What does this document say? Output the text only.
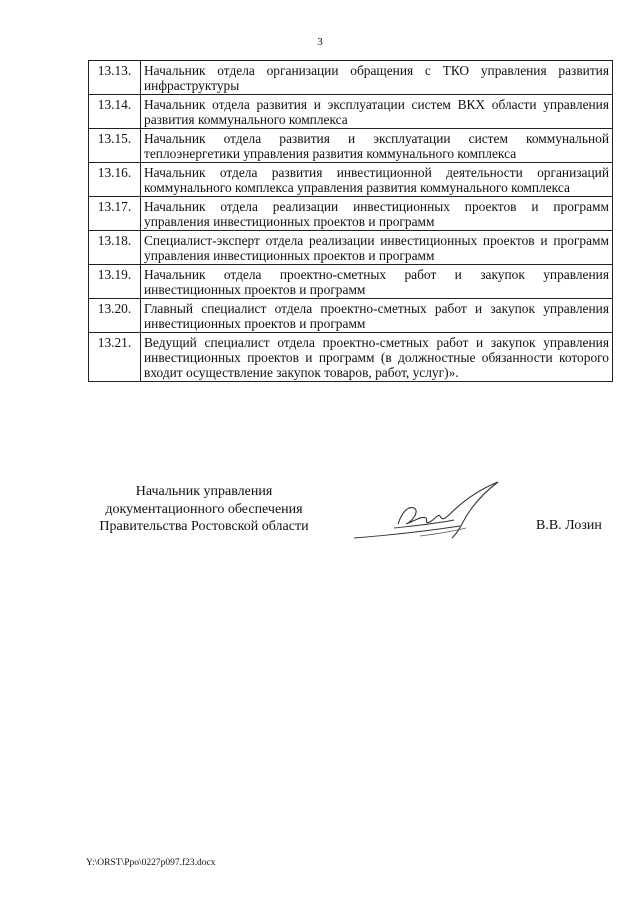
3
13.13.	Начальник отдела организации обращения с ТКО управления развития инфраструктуры
13.14.	Начальник отдела развития и эксплуатации систем ВКХ области управления развития коммунального комплекса
13.15.	Начальник отдела развития и эксплуатации систем коммунальной теплоэнергетики управления развития коммунального комплекса
13.16.	Начальник отдела развития инвестиционной деятельности организаций коммунального комплекса управления развития коммунального комплекса
13.17.	Начальник отдела реализации инвестиционных проектов и программ управления инвестиционных проектов и программ
13.18.	Специалист-эксперт отдела реализации инвестиционных проектов и программ управления инвестиционных проектов и программ
13.19.	Начальник отдела проектно-сметных работ и закупок управления инвестиционных проектов и программ
13.20.	Главный специалист отдела проектно-сметных работ и закупок управления инвестиционных проектов и программ
13.21.	Ведущий специалист отдела проектно-сметных работ и закупок управления инвестиционных проектов и программ (в должностные обязанности которого входит осуществление закупок товаров, работ, услуг)».
Начальник управления
документационного обеспечения
Правительства Ростовской области	В.В. Лозин
Y:\ORST\Ppo\0227p097.f23.docx
